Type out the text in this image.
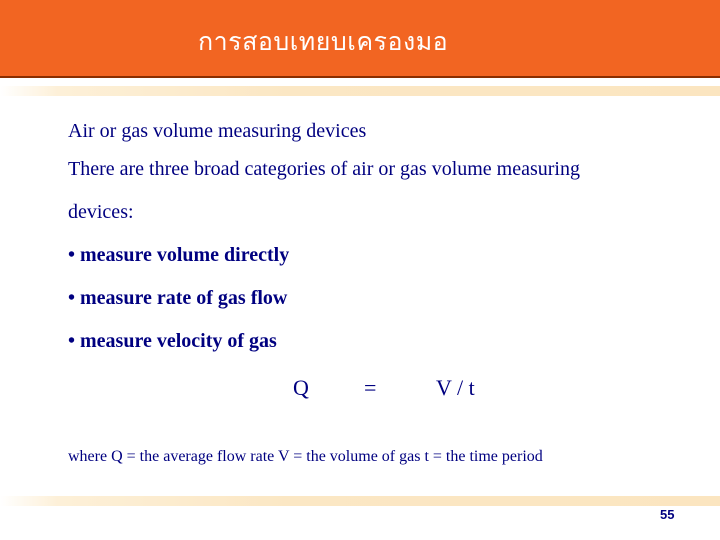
การสอบเทยบเครองมอ

Air or gas volume measuring devices

There are three broad categories of air or gas volume measuring devices:

• measure volume directly
• measure rate of gas flow
• measure velocity of gas
Q	=	V / t
where Q = the average flow rate V = the volume of gas t = the time period
55
